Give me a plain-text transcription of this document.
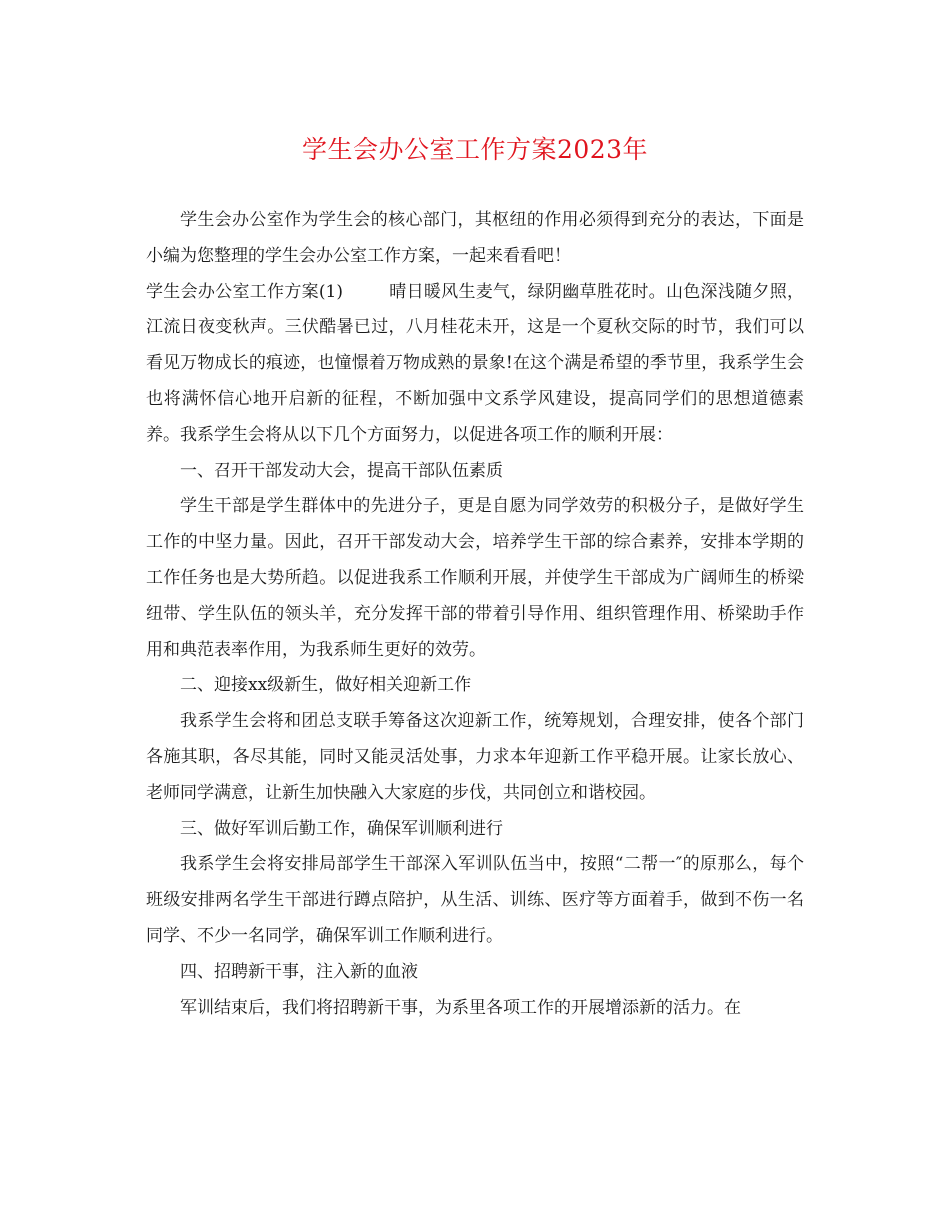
学生会办公室工作方案2023年

学生会办公室作为学生会的核心部门，其枢纽的作用必须得到充分的表达，下面是小编为您整理的学生会办公室工作方案，一起来看看吧！

学生会办公室工作方案(1)	晴日暖风生麦气，绿阴幽草胜花时。山色深浅随夕照，江流日夜变秋声。三伏酷暑已过，八月桂花未开，这是一个夏秋交际的时节，我们可以看见万物成长的痕迹，也憧憬着万物成熟的景象!在这个满是希望的季节里，我系学生会也将满怀信心地开启新的征程，不断加强中文系学风建设，提高同学们的思想道德素养。我系学生会将从以下几个方面努力，以促进各项工作的顺利开展：

一、召开干部发动大会，提高干部队伍素质

学生干部是学生群体中的先进分子，更是自愿为同学效劳的积极分子，是做好学生工作的中坚力量。因此，召开干部发动大会，培养学生干部的综合素养，安排本学期的工作任务也是大势所趋。以促进我系工作顺利开展，并使学生干部成为广阔师生的桥梁纽带、学生队伍的领头羊，充分发挥干部的带着引导作用、组织管理作用、桥梁助手作用和典范表率作用，为我系师生更好的效劳。

二、迎接xx级新生，做好相关迎新工作

我系学生会将和团总支联手筹备这次迎新工作，统筹规划，合理安排，使各个部门各施其职，各尽其能，同时又能灵活处事，力求本年迎新工作平稳开展。让家长放心、老师同学满意，让新生加快融入大家庭的步伐，共同创立和谐校园。

三、做好军训后勤工作，确保军训顺利进行

我系学生会将安排局部学生干部深入军训队伍当中，按照“二帮一″的原那么，每个班级安排两名学生干部进行蹲点陪护，从生活、训练、医疗等方面着手，做到不伤一名同学、不少一名同学，确保军训工作顺利进行。

四、招聘新干事，注入新的血液

军训结束后，我们将招聘新干事，为系里各项工作的开展增添新的活力。在
